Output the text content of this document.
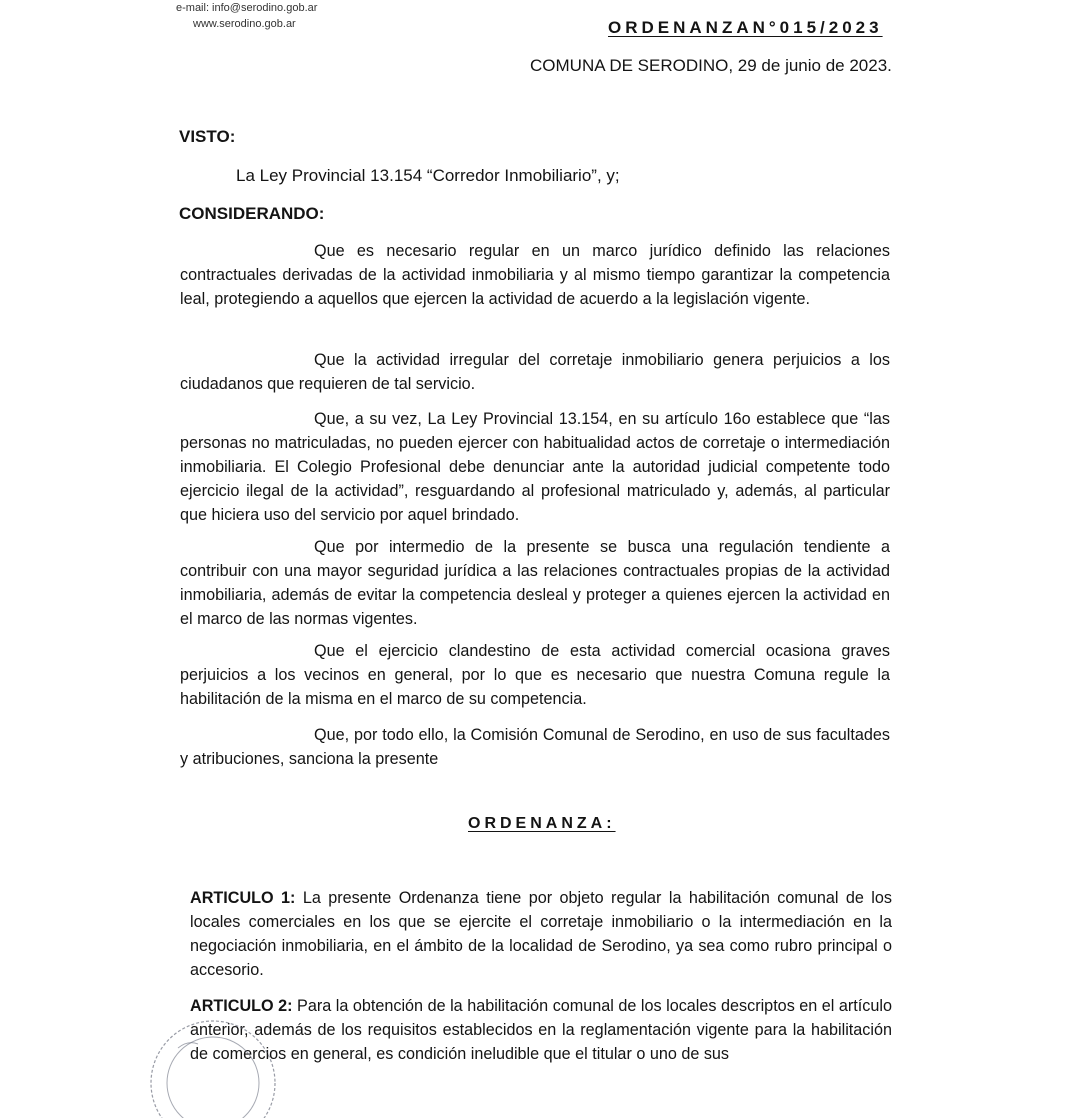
e-mail: info@serodino.gob.ar
www.serodino.gob.ar	ORDENANZAN°015/2023
COMUNA DE SERODINO, 29 de junio de 2023.
VISTO:
La Ley Provincial 13.154 “Corredor Inmobiliario”, y;
CONSIDERANDO:

Que es necesario regular en un marco jurídico definido las relaciones contractuales derivadas de la actividad inmobiliaria y al mismo tiempo garantizar la competencia leal, protegiendo a aquellos que ejercen la actividad de acuerdo a la legislación vigente.

Que la actividad irregular del corretaje inmobiliario genera perjuicios a los ciudadanos que requieren de tal servicio.

Que, a su vez, La Ley Provincial 13.154, en su artículo 16o establece que “las personas no matriculadas, no pueden ejercer con habitualidad actos de corretaje o intermediación inmobiliaria. El Colegio Profesional debe denunciar ante la autoridad judicial competente todo ejercicio ilegal de la actividad”, resguardando al profesional matriculado y, además, al particular que hiciera uso del servicio por aquel brindado.

Que por intermedio de la presente se busca una regulación tendiente a contribuir con una mayor seguridad jurídica a las relaciones contractuales propias de la actividad inmobiliaria, además de evitar la competencia desleal y proteger a quienes ejercen la actividad en el marco de las normas vigentes.

Que el ejercicio clandestino de esta actividad comercial ocasiona graves perjuicios a los vecinos en general, por lo que es necesario que nuestra Comuna regule la habilitación de la misma en el marco de su competencia.

Que, por todo ello, la Comisión Comunal de Serodino, en uso de sus facultades y atribuciones, sanciona la presente

ORDENANZA:

ARTICULO 1: La presente Ordenanza tiene por objeto regular la habilitación comunal de los locales comerciales en los que se ejercite el corretaje inmobiliario o la intermediación en la negociación inmobiliaria, en el ámbito de la localidad de Serodino, ya sea como rubro principal o accesorio.

ARTICULO 2: Para la obtención de la habilitación comunal de los locales descriptos en el artículo anterior, además de los requisitos establecidos en la reglamentación vigente para la habilitación de comercios en general, es condición ineludible que el titular o uno de sus
